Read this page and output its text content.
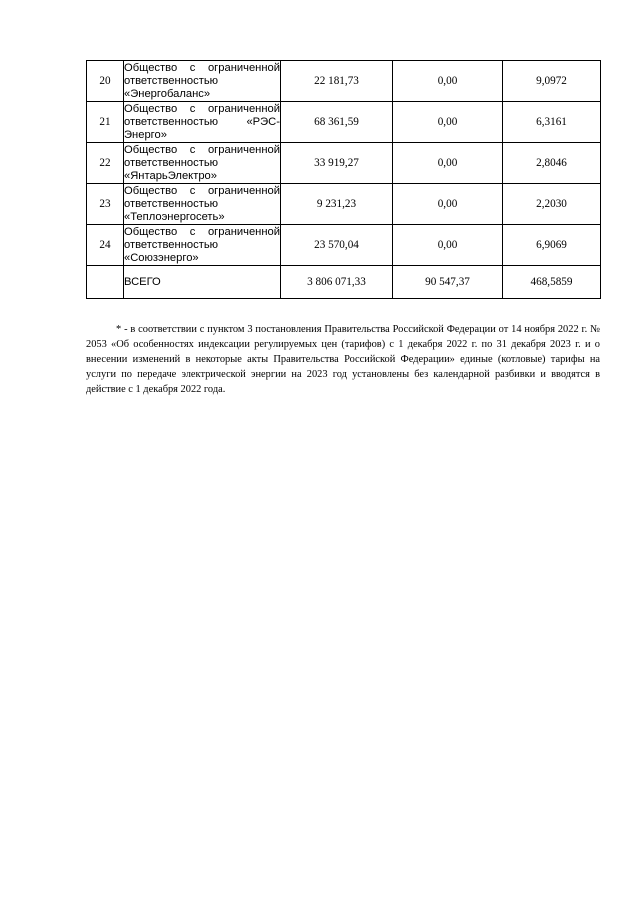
20	Общество с ограниченной
ответственностью
«Энергобаланс»	22 181,73	0,00	9,0972
21	Общество с ограниченной
ответственностью «РЭС-
Энерго»	68 361,59	0,00	6,3161
22	Общество с ограниченной
ответственностью
«ЯнтарьЭлектро»	33 919,27	0,00	2,8046
23	Общество с ограниченной
ответственностью
«Теплоэнергосеть»	9 231,23	0,00	2,2030
24	Общество с ограниченной
ответственностью
«Союзэнерго»	23 570,04	0,00	6,9069
	ВСЕГО	3 806 071,33	90 547,37	468,5859

* - в соответствии с пунктом 3 постановления Правительства Российской Федерации от 14 ноября 2022 г. № 2053 «Об особенностях индексации регулируемых цен (тарифов) с 1 декабря 2022 г. по 31 декабря 2023 г. и о внесении изменений в некоторые акты Правительства Российской Федерации» единые (котловые) тарифы на услуги по передаче электрической энергии на 2023 год установлены без календарной разбивки и вводятся в действие с 1 декабря 2022 года.
